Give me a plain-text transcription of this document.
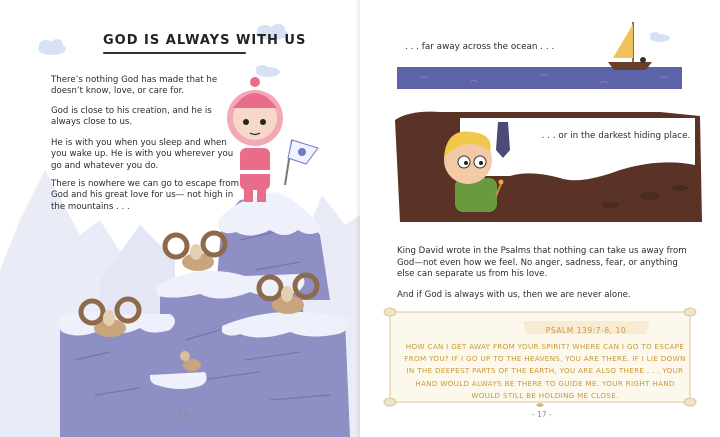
GOD IS ALWAYS WITH US
There’s nothing God has made that he doesn’t know, love, or care for.
God is close to his creation, and he is always close to us.
He is with you when you sleep and when you wake up. He is with you wherever you go and whatever you do.
There is nowhere we can go to escape from God and his great love for us— not high in the mountains . . .
- 16 -
. . . far away across the ocean . . .
. . . or in the darkest hiding place.
King David wrote in the Psalms that nothing can take us away from God—not even how we feel. No anger, sadness, fear, or anything else can separate us from his love.
And if God is always with us, then we are never alone.
PSALM 139:7-8, 10
HOW CAN I GET AWAY FROM YOUR SPIRIT? WHERE CAN I GO TO ESCAPE FROM YOU? IF I GO UP TO THE HEAVENS, YOU ARE THERE. IF I LIE DOWN IN THE DEEPEST PARTS OF THE EARTH, YOU ARE ALSO THERE . . . YOUR HAND WOULD ALWAYS BE THERE TO GUIDE ME. YOUR RIGHT HAND WOULD STILL BE HOLDING ME CLOSE.
- 17 -
